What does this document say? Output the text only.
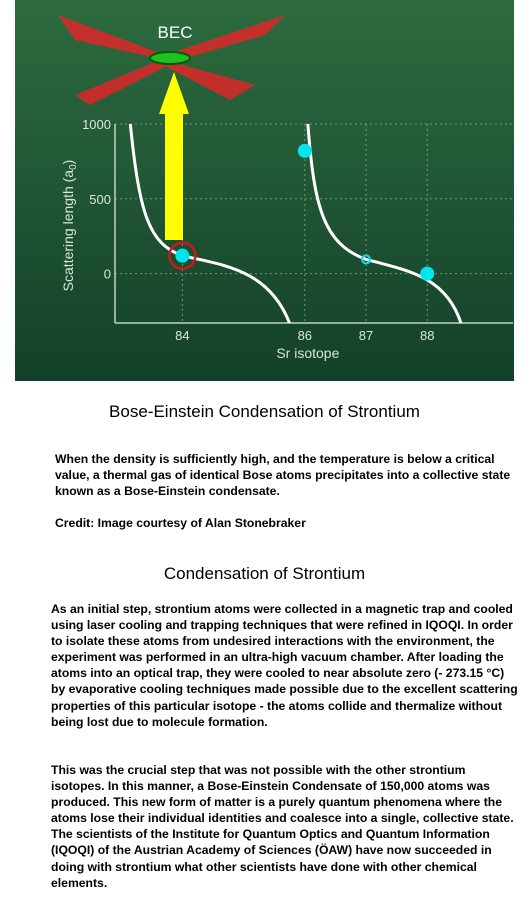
BEC
1000
500
0
84	86	87	88
Sr isotope
Scattering length $(a_0)$
Bose-Einstein Condensation of Strontium
When the density is sufficiently high, and the temperature is below a critical value, a thermal gas of identical Bose atoms precipitates into a collective state known as a Bose-Einstein condensate.
Credit: Image courtesy of Alan Stonebraker
Condensation of Strontium
As an initial step, strontium atoms were collected in a magnetic trap and cooled using laser cooling and trapping techniques that were refined in IQOQI. In order to isolate these atoms from undesired interactions with the environment, the experiment was performed in an ultra-high vacuum chamber. After loading the atoms into an optical trap, they were cooled to near absolute zero (- 273.15 °C) by evaporative cooling techniques made possible due to the excellent scattering properties of this particular isotope - the atoms collide and thermalize without being lost due to molecule formation.
This was the crucial step that was not possible with the other strontium isotopes. In this manner, a Bose-Einstein Condensate of 150,000 atoms was produced. This new form of matter is a purely quantum phenomena where the atoms lose their individual identities and coalesce into a single, collective state. The scientists of the Institute for Quantum Optics and Quantum Information (IQOQI) of the Austrian Academy of Sciences (ÖAW) have now succeeded in doing with strontium what other scientists have done with other chemical elements.
